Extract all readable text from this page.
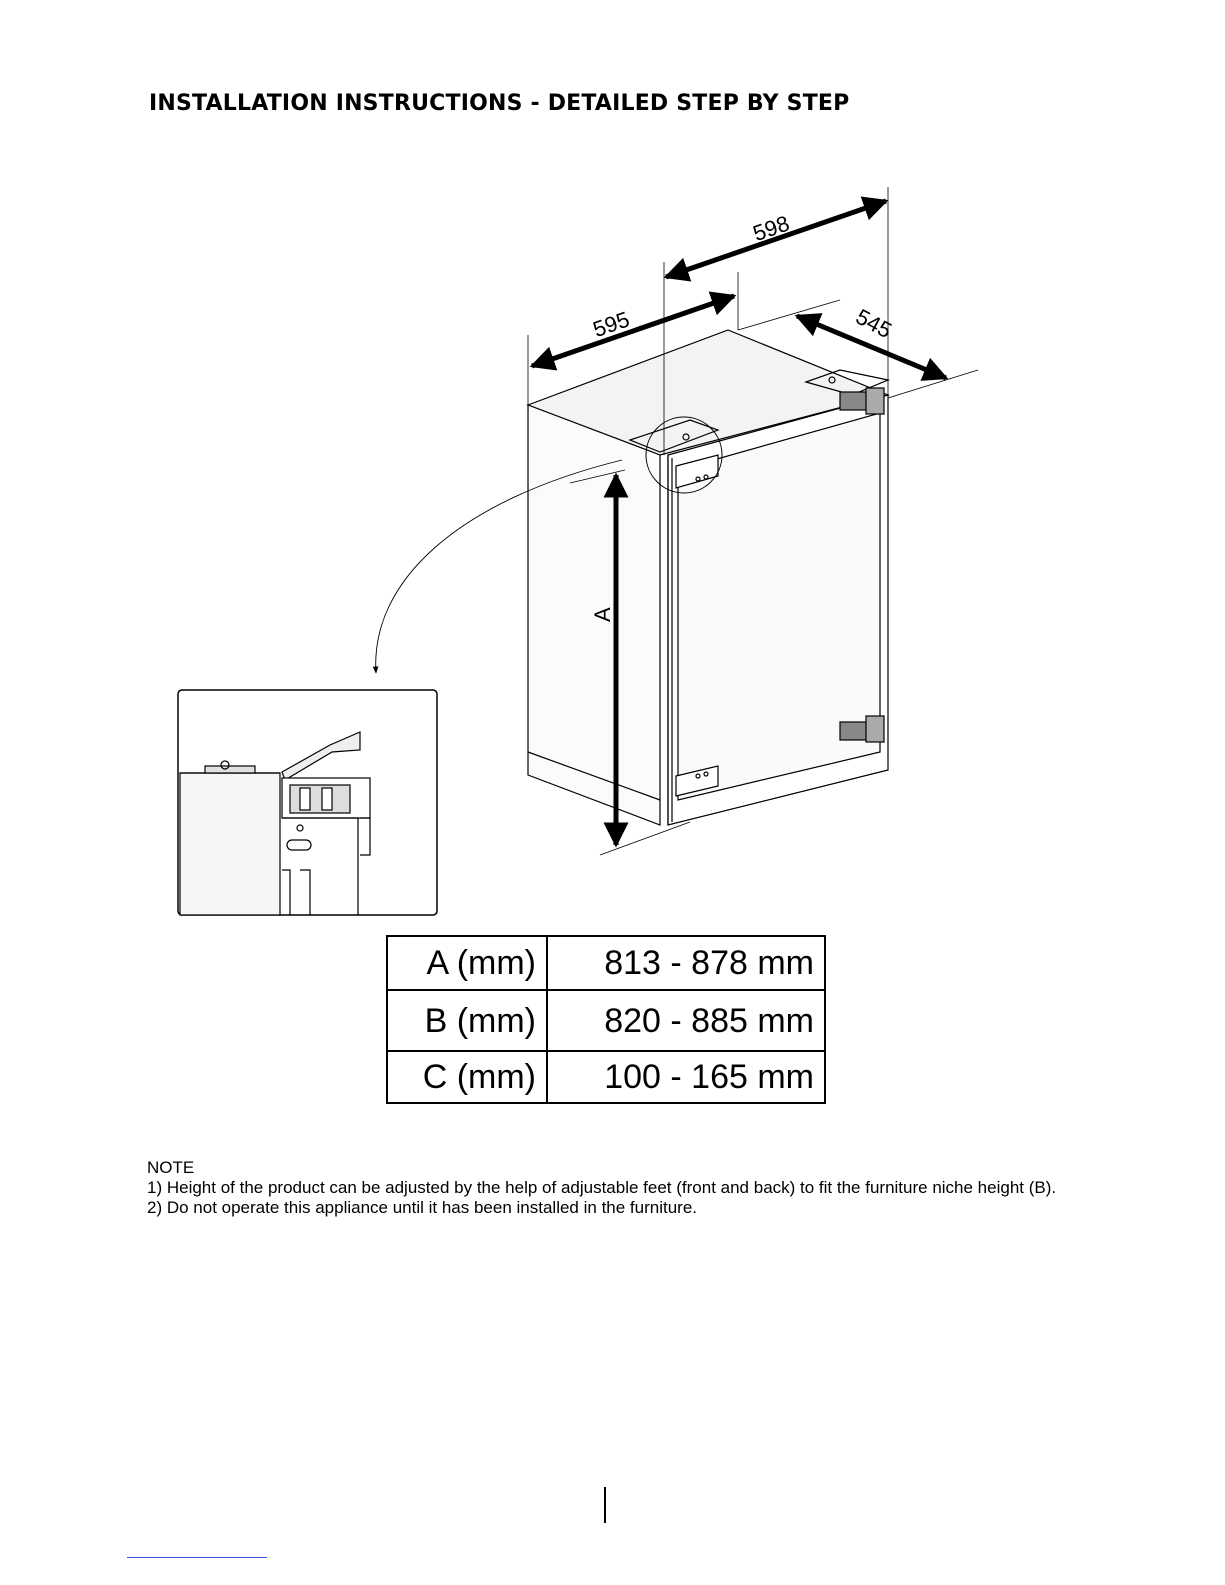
INSTALLATION INSTRUCTIONS - DETAILED STEP BY STEP
595
598
545
A
A (mm)	813 - 878 mm
B (mm)	820 - 885 mm
C (mm)	100 - 165 mm

NOTE

1) Height of the product can be adjusted by the help of adjustable feet (front and back) to fit the furniture niche height (B).

2) Do not operate this appliance until it has been installed in the furniture.
